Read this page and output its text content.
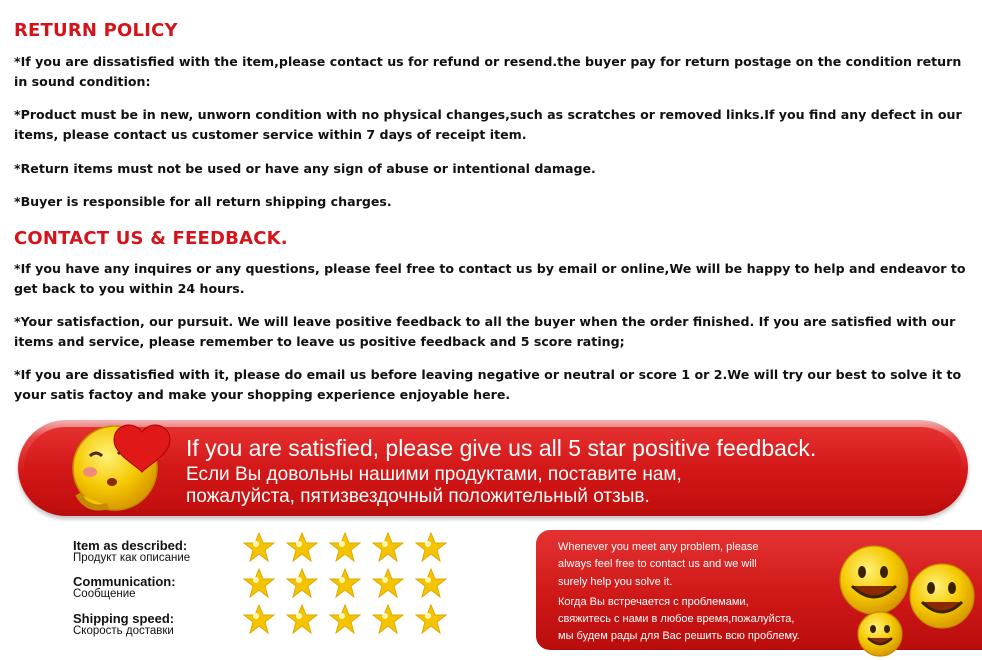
RETURN POLICY

*If you are dissatisfied with the item,please contact us for refund or resend.the buyer pay for return postage on the condition return in sound condition:

*Product must be in new, unworn condition with no physical changes,such as scratches or removed links.If you find any defect in our items, please contact us customer service within 7 days of receipt item.

*Return items must not be used or have any sign of abuse or intentional damage.

*Buyer is responsible for all return shipping charges.

CONTACT US & FEEDBACK.

*If you have any inquires or any questions, please feel free to contact us by email or online,We will be happy to help and endeavor to get back to you within 24 hours.

*Your satisfaction, our pursuit. We will leave positive feedback to all the buyer when the order finished. If you are satisfied with our items and service, please remember to leave us positive feedback and 5 score rating;

*If you are dissatisfied with it, please do email us before leaving negative or neutral or score 1 or 2.We will try our best to solve it to your satis factoy and make your shopping experience enjoyable here.

If you are satisfied, please give us all 5 star positive feedback.
Если Вы довольны нашими продуктами, поставите нам,
пожалуйста, пятизвездочный положительный отзыв.

Item as described:

Продукт как описание

Communication:

Сообщение

Shipping speed:

Скорость доставки

Whenever you meet any problem, please

always feel free to contact us and we will

surely help you solve it.

Когда Вы встречается с проблемами,

свяжитесь с нами в любое время,пожалуйста,

мы будем рады для Вас решить всю проблему.
